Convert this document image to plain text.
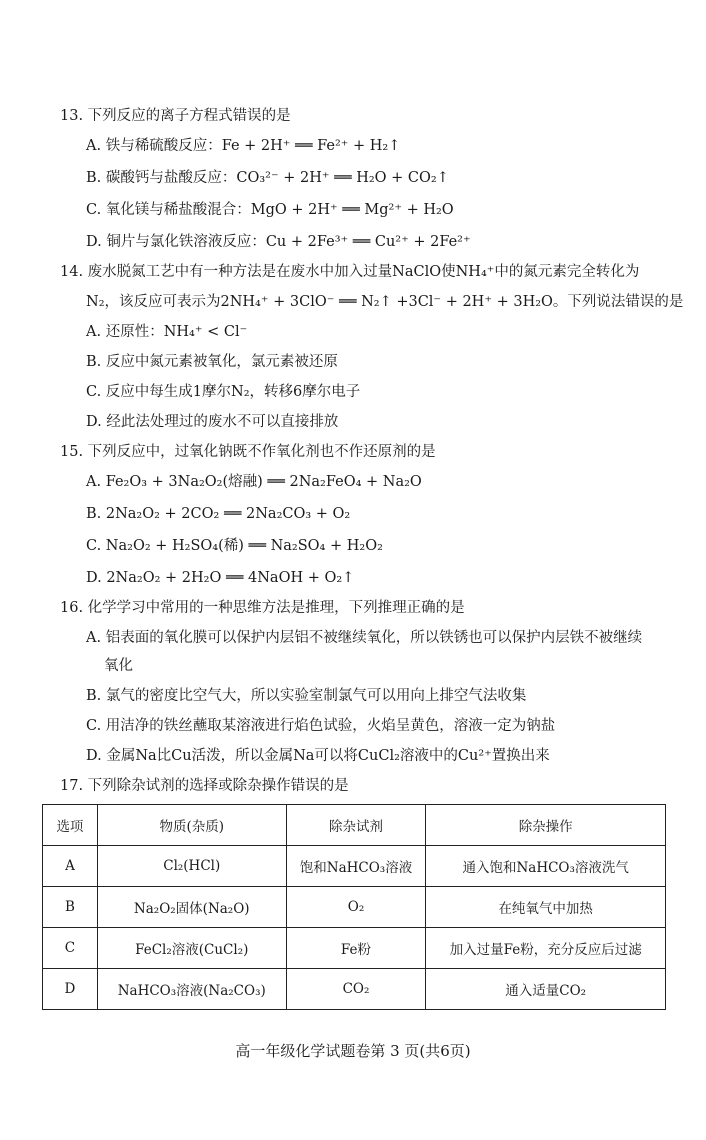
13. 下列反应的离子方程式错误的是
A. 铁与稀硫酸反应：Fe + 2H⁺ ══ Fe²⁺ + H₂↑
B. 碳酸钙与盐酸反应：CO₃²⁻ + 2H⁺ ══ H₂O + CO₂↑
C. 氧化镁与稀盐酸混合：MgO + 2H⁺ ══ Mg²⁺ + H₂O
D. 铜片与氯化铁溶液反应：Cu + 2Fe³⁺ ══ Cu²⁺ + 2Fe²⁺
14. 废水脱氮工艺中有一种方法是在废水中加入过量NaClO使NH₄⁺中的氮元素完全转化为
N₂，该反应可表示为2NH₄⁺ + 3ClO⁻ ══ N₂↑ +3Cl⁻ + 2H⁺ + 3H₂O。下列说法错误的是
A. 还原性：NH₄⁺ < Cl⁻
B. 反应中氮元素被氧化，氯元素被还原
C. 反应中每生成1摩尔N₂，转移6摩尔电子
D. 经此法处理过的废水不可以直接排放
15. 下列反应中，过氧化钠既不作氧化剂也不作还原剂的是
A. Fe₂O₃ + 3Na₂O₂(熔融) ══ 2Na₂FeO₄ + Na₂O
B. 2Na₂O₂ + 2CO₂ ══ 2Na₂CO₃ + O₂
C. Na₂O₂ + H₂SO₄(稀) ══ Na₂SO₄ + H₂O₂
D. 2Na₂O₂ + 2H₂O ══ 4NaOH + O₂↑
16. 化学学习中常用的一种思维方法是推理，下列推理正确的是
A. 铝表面的氧化膜可以保护内层铝不被继续氧化，所以铁锈也可以保护内层铁不被继续
氧化
B. 氯气的密度比空气大，所以实验室制氯气可以用向上排空气法收集
C. 用洁净的铁丝蘸取某溶液进行焰色试验，火焰呈黄色，溶液一定为钠盐
D. 金属Na比Cu活泼，所以金属Na可以将CuCl₂溶液中的Cu²⁺置换出来
17. 下列除杂试剂的选择或除杂操作错误的是
选项	物质(杂质)	除杂试剂	除杂操作
A	Cl₂(HCl)	饱和NaHCO₃溶液	通入饱和NaHCO₃溶液洗气
B	Na₂O₂固体(Na₂O)	O₂	在纯氧气中加热
C	FeCl₂溶液(CuCl₂)	Fe粉	加入过量Fe粉，充分反应后过滤
D	NaHCO₃溶液(Na₂CO₃)	CO₂	通入适量CO₂
高一年级化学试题卷第 3 页(共6页)
